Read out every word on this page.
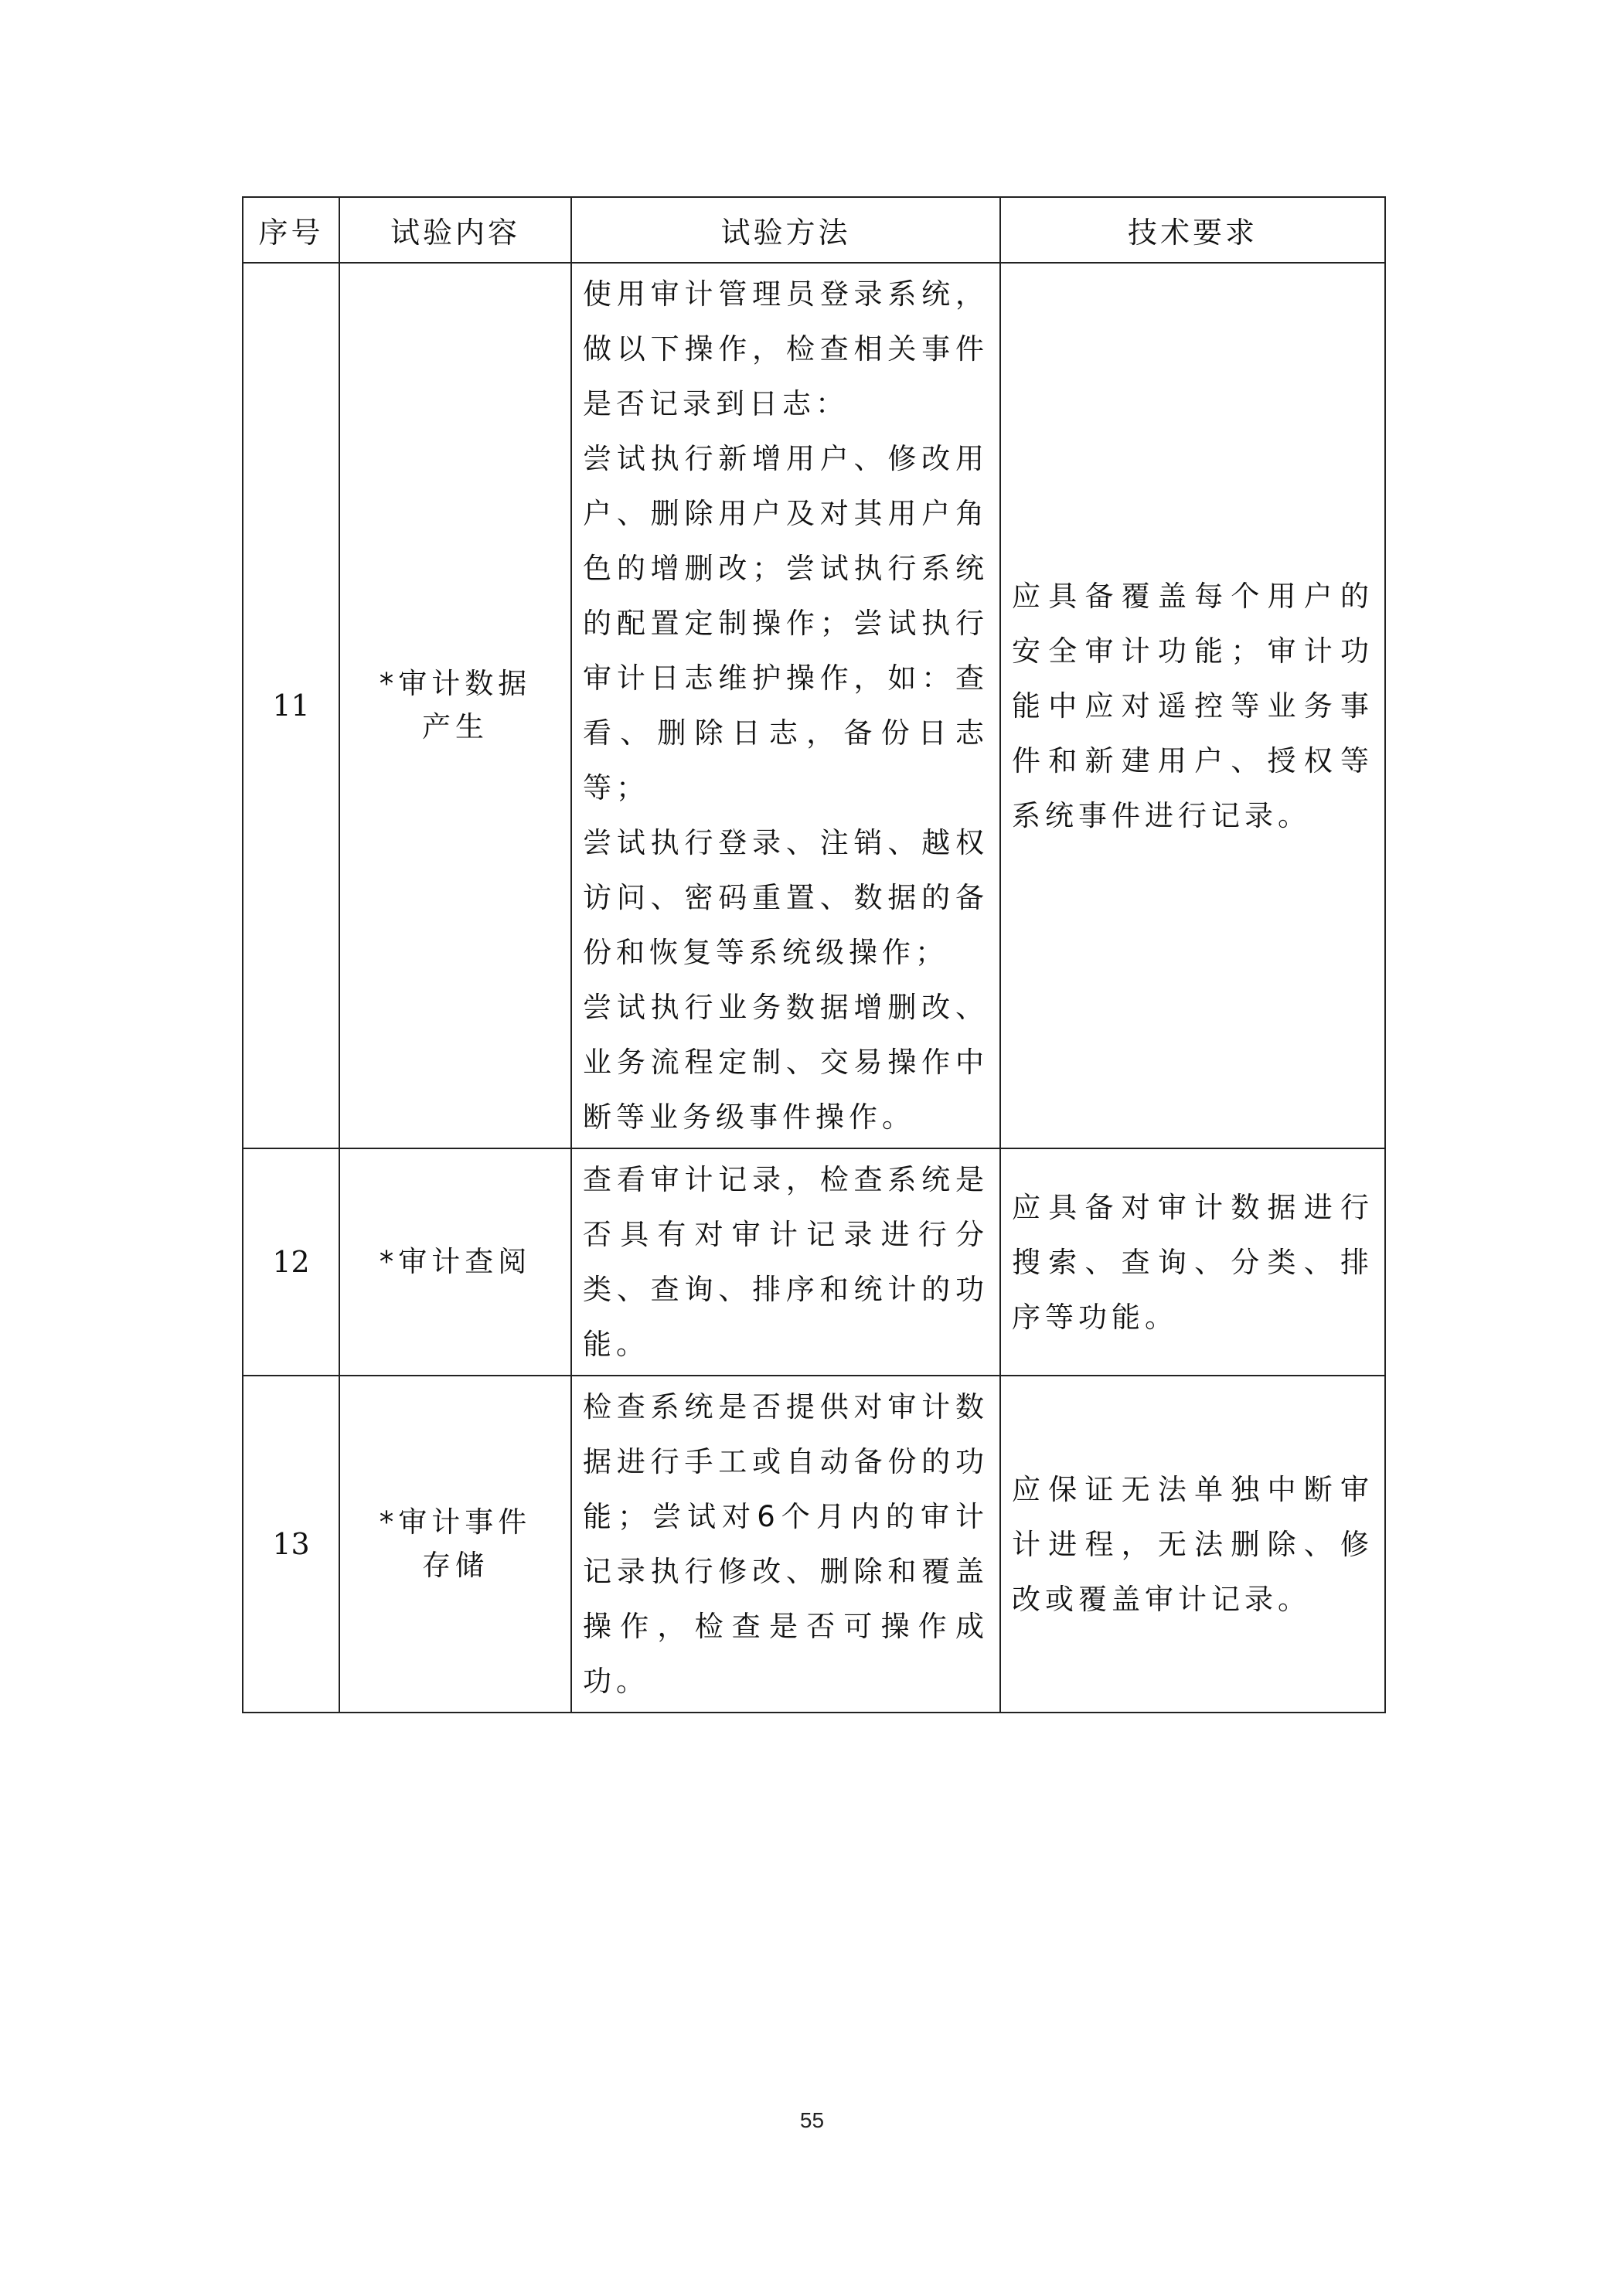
序号	试验内容	试验方法	技术要求
11	*审计数据产生	使用审计管理员登录系统，做以下操作，检查相关事件是否记录到日志：
尝试执行新增用户、修改用户、删除用户及对其用户角色的增删改；尝试执行系统的配置定制操作；尝试执行审计日志维护操作，如：查看、删除日志，备份日志等；
尝试执行登录、注销、越权访问、密码重置、数据的备份和恢复等系统级操作；
尝试执行业务数据增删改、业务流程定制、交易操作中断等业务级事件操作。	应具备覆盖每个用户的安全审计功能；审计功能中应对遥控等业务事件和新建用户、授权等系统事件进行记录。
12	*审计查阅	查看审计记录，检查系统是否具有对审计记录进行分类、查询、排序和统计的功能。	应具备对审计数据进行搜索、查询、分类、排序等功能。
13	*审计事件存储	检查系统是否提供对审计数据进行手工或自动备份的功能；尝试对6个月内的审计记录执行修改、删除和覆盖操作，检查是否可操作成功。	应保证无法单独中断审计进程，无法删除、修改或覆盖审计记录。
55
